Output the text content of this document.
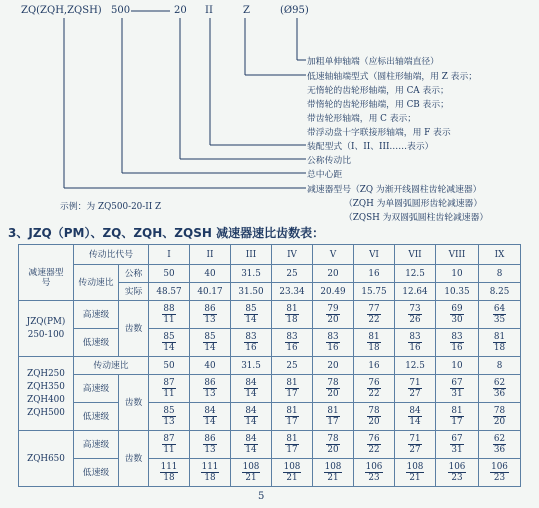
ZQ(ZQH,ZQSH) 500	20 II	Z	(Ø95)
加粗单伸轴端（应标出轴端直径）
低速轴轴端型式（圆柱形轴端，用 Z 表示；
无惰轮的齿轮形轴端，用 CA 表示；
带惰轮的齿轮形轴端，用 CB 表示；
带齿轮形轴端，用 C 表示；
带浮动盘十字联接形轴端，用 F 表示
装配型式（I、II、III……表示）
公称传动比
总中心距
减速器型号（ZQ 为渐开线圆柱齿轮减速器）
（ZQH 为单圆弧圆形齿轮减速器）
（ZQSH 为双圆弧圆柱齿轮减速器）
示例：为 ZQ500-20-II Z
3、JZQ（PM）、ZQ、ZQH、ZQSH 减速器速比齿数表：

减速器型号	传动比代号		I	II	III	IV	V	VI	VII	VIII	IX
	传动速比	公称	50	40	31.5	25	20	16	12.5	10	8
		实际	48.57	40.17	31.50	23.34	20.49	15.75	12.64	10.35	8.25
JZQ(PM)
250-100	高速级	齿数	$\frac{88}{11}$	$\frac{86}{13}$	$\frac{85}{14}$	$\frac{81}{18}$	$\frac{79}{20}$	$\frac{77}{22}$	$\frac{73}{26}$	$\frac{69}{30}$	$\frac{64}{35}$

	低速级		$\frac{85}{14}$	$\frac{85}{14}$	$\frac{83}{16}$	$\frac{83}{16}$	$\frac{83}{16}$	$\frac{81}{18}$	$\frac{83}{16}$	$\frac{83}{16}$	$\frac{81}{18}$

ZQH250
ZQH350
ZQH400
ZQH500	传动速比		50	40	31.5	25	20	16	12.5	10	8
	高速级	齿数	$\frac{87}{11}$	$\frac{86}{13}$	$\frac{84}{14}$	$\frac{81}{17}$	$\frac{78}{20}$	$\frac{76}{22}$	$\frac{71}{27}$	$\frac{67}{31}$	$\frac{62}{36}$

	低速级		$\frac{85}{13}$	$\frac{84}{14}$	$\frac{84}{14}$	$\frac{81}{17}$	$\frac{81}{17}$	$\frac{78}{20}$	$\frac{84}{14}$	$\frac{81}{17}$	$\frac{78}{20}$

ZQH650	高速级	齿数	$\frac{87}{11}$	$\frac{86}{13}$	$\frac{84}{14}$	$\frac{81}{17}$	$\frac{78}{20}$	$\frac{76}{22}$	$\frac{71}{27}$	$\frac{67}{31}$	$\frac{62}{36}$

	低速级		$\frac{111}{18}$	$\frac{111}{18}$	$\frac{108}{21}$	$\frac{108}{21}$	$\frac{108}{21}$	$\frac{106}{23}$	$\frac{108}{21}$	$\frac{106}{23}$	$\frac{106}{23}$
5
